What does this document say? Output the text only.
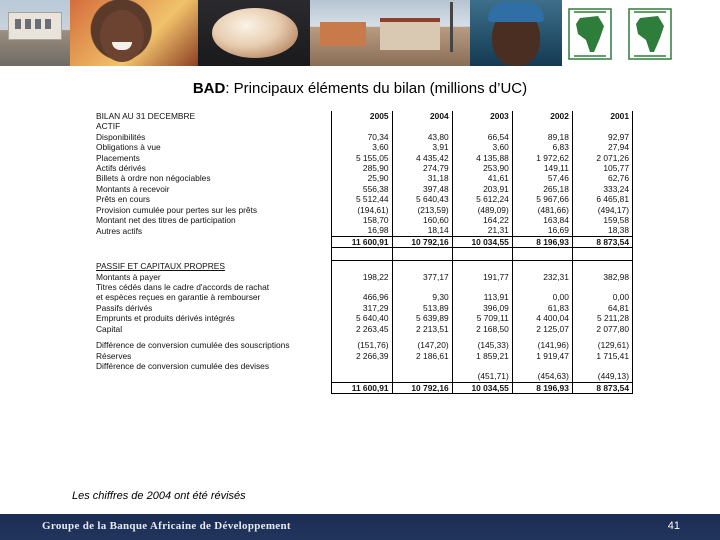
BAD: Principaux éléments du bilan (millions d’UC)
BILAN AU 31 DECEMBRE	2005	2004	2003	2002	2001
ACTIF					
Disponibilités	70,34	43,80	66,54	89,18	92,97
Obligations à vue	3,60	3,91	3,60	6,83	27,94
Placements	5 155,05	4 435,42	4 135,88	1 972,62	2 071,26
Actifs dérivés	285,90	274,79	253,90	149,11	105,77
Billets à ordre non négociables	25,90	31,18	41,61	57,46	62,76
Montants à recevoir	556,38	397,48	203,91	265,18	333,24
Prêts en cours	5 512,44	5 640,43	5 612,24	5 967,66	6 465,81
Provision cumulée pour pertes sur les prêts	(194,61)	(213,59)	(489,09)	(481,66)	(494,17)
Montant net des titres de participation	158,70	160,60	164,22	163,84	159,58
Autres actifs	16,98	18,14	21,31	16,69	18,38
	11 600,91	10 792,16	10 034,55	8 196,93	8 873,54

PASSIF ET CAPITAUX PROPRES					
Montants à payer	198,22	377,17	191,77	232,31	382,98
Titres cédés dans le cadre d'accords de rachat					
et espèces reçues en garantie à rembourser	466,96	9,30	113,91	0,00	0,00
Passifs dérivés	317,29	513,89	396,09	61,83	64,81
Emprunts et produits dérivés intégrés	5 640,40	5 639,89	5 709,11	4 400,04	5 211,28
Capital	2 263,45	2 213,51	2 168,50	2 125,07	2 077,80

Différence de conversion cumulée des souscriptions	(151,76)	(147,20)	(145,33)	(141,96)	(129,61)
Réserves	2 266,39	2 186,61	1 859,21	1 919,47	1 715,41
Différence de conversion cumulée des devises					
			(451,71)	(454,63)	(449,13)
	11 600,91	10 792,16	10 034,55	8 196,93	8 873,54
Les chiffres de 2004 ont été révisés
Groupe de la Banque Africaine de Développement	41
